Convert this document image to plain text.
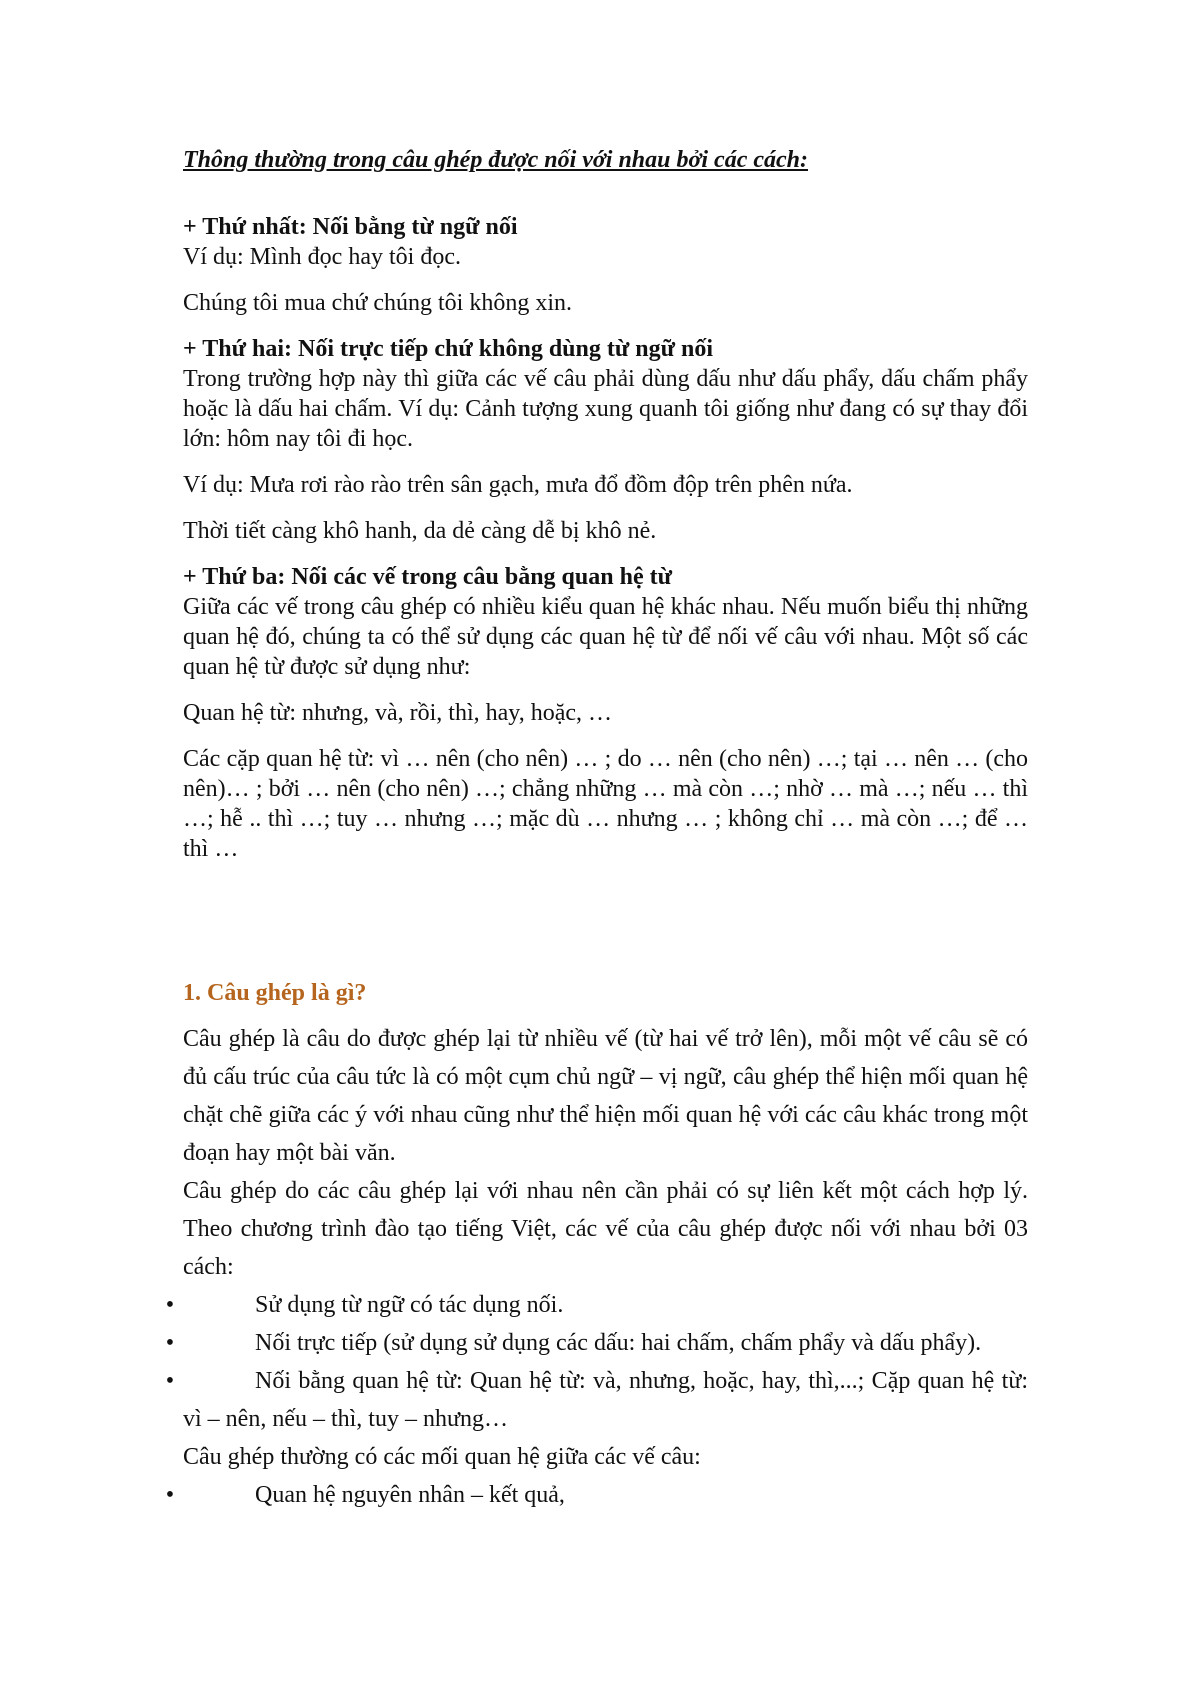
Thông thường trong câu ghép được nối với nhau bởi các cách:

+ Thứ nhất: Nối bằng từ ngữ nối

Ví dụ: Mình đọc hay tôi đọc.

Chúng tôi mua chứ chúng tôi không xin.

+ Thứ hai: Nối trực tiếp chứ không dùng từ ngữ nối

Trong trường hợp này thì giữa các vế câu phải dùng dấu như dấu phẩy, dấu chấm phẩy hoặc là dấu hai chấm. Ví dụ: Cảnh tượng xung quanh tôi giống như đang có sự thay đổi lớn: hôm nay tôi đi học.

Ví dụ: Mưa rơi rào rào trên sân gạch, mưa đổ đồm độp trên phên nứa.

Thời tiết càng khô hanh, da dẻ càng dễ bị khô nẻ.

+ Thứ ba: Nối các vế trong câu bằng quan hệ từ

Giữa các vế trong câu ghép có nhiều kiểu quan hệ khác nhau. Nếu muốn biểu thị những quan hệ đó, chúng ta có thể sử dụng các quan hệ từ để nối vế câu với nhau. Một số các quan hệ từ được sử dụng như:

Quan hệ từ: nhưng, và, rồi, thì, hay, hoặc, …

Các cặp quan hệ từ: vì … nên (cho nên) … ; do … nên (cho nên) …; tại … nên … (cho nên)… ; bởi … nên (cho nên) …; chẳng những … mà còn …; nhờ … mà …; nếu … thì …; hễ .. thì …; tuy … nhưng …; mặc dù … nhưng … ; không chỉ … mà còn …; để … thì …

1. Câu ghép là gì?

Câu ghép là câu do được ghép lại từ nhiều vế (từ hai vế trở lên), mỗi một vế câu sẽ có đủ cấu trúc của câu tức là có một cụm chủ ngữ – vị ngữ, câu ghép thể hiện mối quan hệ chặt chẽ giữa các ý với nhau cũng như thể hiện mối quan hệ với các câu khác trong một đoạn hay một bài văn.

Câu ghép do các câu ghép lại với nhau nên cần phải có sự liên kết một cách hợp lý. Theo chương trình đào tạo tiếng Việt, các vế của câu ghép được nối với nhau bởi 03 cách:

•	Sử dụng từ ngữ có tác dụng nối.

•	Nối trực tiếp (sử dụng sử dụng các dấu: hai chấm, chấm phẩy và dấu phẩy).

•	Nối bằng quan hệ từ: Quan hệ từ: và, nhưng, hoặc, hay, thì,...; Cặp quan hệ từ: vì – nên, nếu – thì, tuy – nhưng…

Câu ghép thường có các mối quan hệ giữa các vế câu:

•	Quan hệ nguyên nhân – kết quả,
